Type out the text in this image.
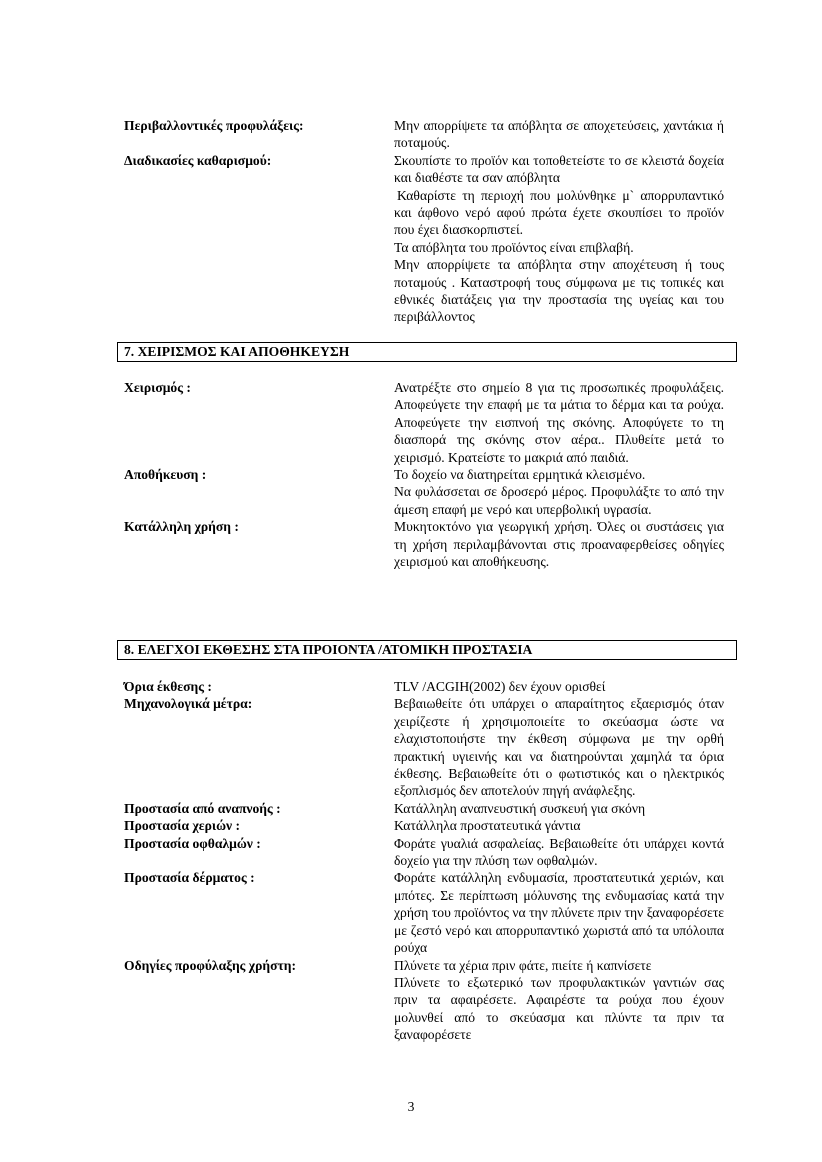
Περιβαλλοντικές προφυλάξεις:	Μην απορρίψετε τα απόβλητα σε αποχετεύσεις, χαντάκια ή ποταμούς.

Διαδικασίες καθαρισμού:	Σκουπίστε το προϊόν και τοποθετείστε το σε κλειστά δοχεία και διαθέστε τα σαν απόβλητα

Καθαρίστε τη περιοχή που μολύνθηκε μ` απορρυπαντικό και άφθονο νερό αφού πρώτα έχετε σκουπίσει το προϊόν που έχει διασκορπιστεί.

Τα απόβλητα του προϊόντος είναι επιβλαβή.

Μην απορρίψετε τα απόβλητα στην αποχέτευση ή τους ποταμούς . Καταστροφή τους σύμφωνα με τις τοπικές και εθνικές διατάξεις για την προστασία της υγείας και του περιβάλλοντος

7. ΧΕΙΡΙΣΜΟΣ ΚΑΙ ΑΠΟΘΗΚΕΥΣΗ
Χειρισμός :	Ανατρέξτε στο σημείο 8 για τις προσωπικές προφυλάξεις. Αποφεύγετε την επαφή με τα μάτια το δέρμα και τα ρούχα. Αποφεύγετε την εισπνοή της σκόνης. Αποφύγετε το τη διασπορά της σκόνης στον αέρα.. Πλυθείτε μετά το χειρισμό. Κρατείστε το μακριά από παιδιά.

Αποθήκευση :	Το δοχείο να διατηρείται ερμητικά κλεισμένο.

Να φυλάσσεται σε δροσερό μέρος. Προφυλάξτε το από την άμεση επαφή με νερό και υπερβολική υγρασία.

Κατάλληλη χρήση :	Μυκητοκτόνο για γεωργική χρήση. Όλες οι συστάσεις για τη χρήση περιλαμβάνονται στις προαναφερθείσες οδηγίες χειρισμού και αποθήκευσης.

8. ΕΛΕΓΧΟΙ ΕΚΘΕΣΗΣ ΣΤΑ ΠΡΟΙΟΝΤΑ /ΑΤΟΜΙΚΗ ΠΡΟΣΤΑΣΙΑ
Όρια έκθεσης :	TLV /ACGIH(2002) δεν έχουν ορισθεί

Μηχανολογικά μέτρα:	Βεβαιωθείτε ότι υπάρχει ο απαραίτητος εξαερισμός όταν χειρίζεστε ή χρησιμοποιείτε το σκεύασμα ώστε να ελαχιστοποιήστε την έκθεση σύμφωνα με την ορθή πρακτική υγιεινής και να διατηρούνται χαμηλά τα όρια έκθεσης. Βεβαιωθείτε ότι ο φωτιστικός και ο ηλεκτρικός εξοπλισμός δεν αποτελούν πηγή ανάφλεξης.

Προστασία από αναπνοής :	Κατάλληλη αναπνευστική συσκευή για σκόνη

Προστασία χεριών :	Κατάλληλα προστατευτικά γάντια

Προστασία οφθαλμών :	Φοράτε γυαλιά ασφαλείας. Βεβαιωθείτε ότι υπάρχει κοντά δοχείο για την πλύση των οφθαλμών.

Προστασία δέρματος :	Φοράτε κατάλληλη ενδυμασία, προστατευτικά χεριών, και μπότες. Σε περίπτωση μόλυνσης της ενδυμασίας κατά την χρήση του προϊόντος να την πλύνετε πριν την ξαναφορέσετε με ζεστό νερό και απορρυπαντικό χωριστά από τα υπόλοιπα ρούχα

Οδηγίες προφύλαξης χρήστη:	Πλύνετε τα χέρια πριν φάτε, πιείτε ή καπνίσετε

Πλύνετε το εξωτερικό των προφυλακτικών γαντιών σας πριν τα αφαιρέσετε. Αφαιρέστε τα ρούχα που έχουν μολυνθεί από το σκεύασμα και πλύντε τα πριν τα ξαναφορέσετε

3
